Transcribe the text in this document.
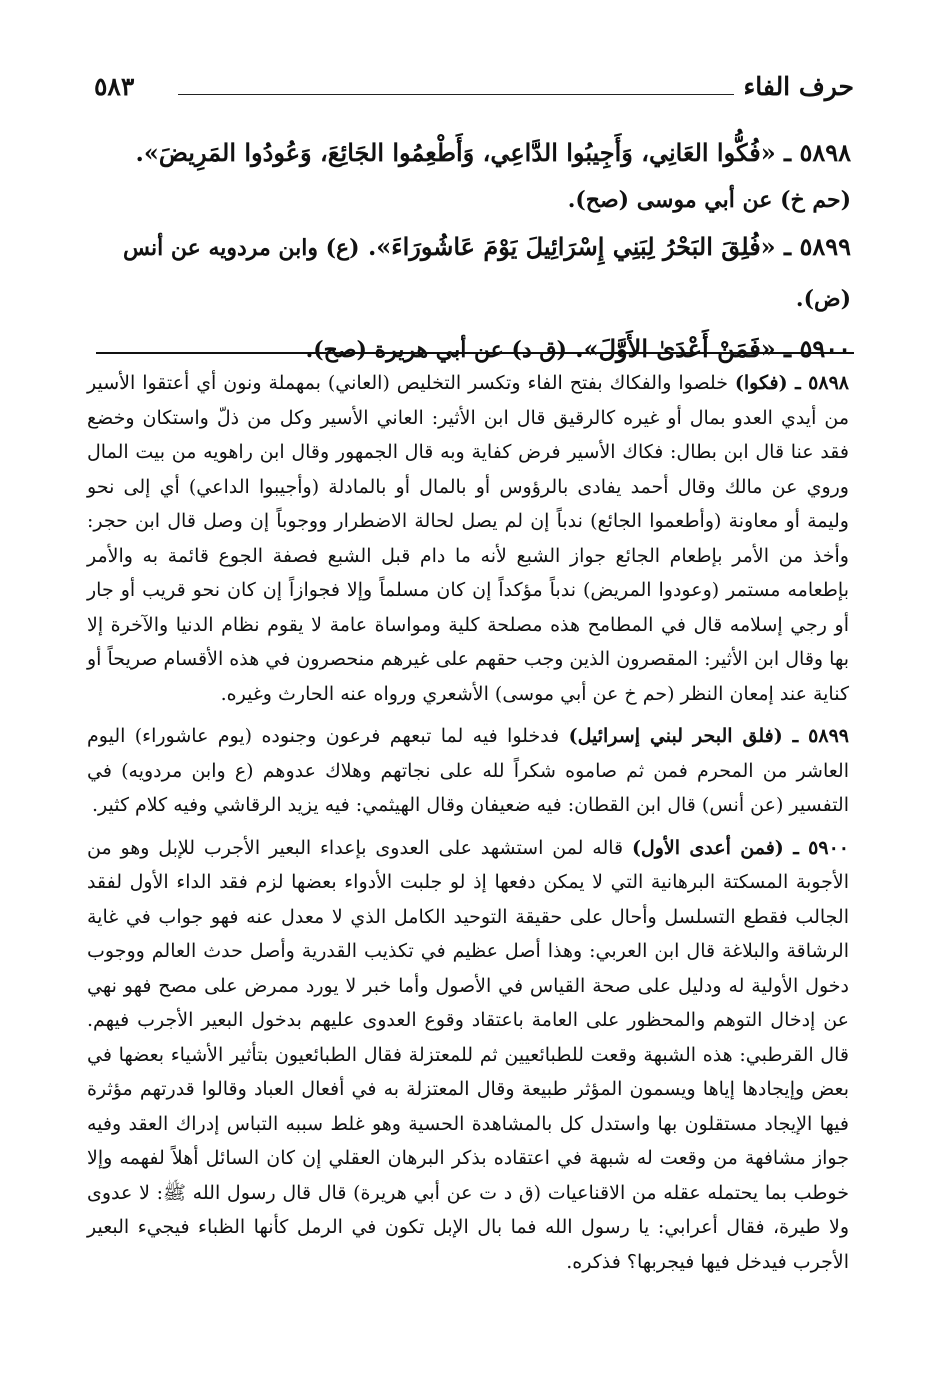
حرف الفاء
٥٨٣
٥٨٩٨ ـ «فُكُّوا العَانِي، وَأَجِيبُوا الدَّاعِي، وَأَطْعِمُوا الجَائِعَ، وَعُودُوا المَرِيضَ».
(حم خ) عن أبي موسى (صح).
٥٨٩٩ ـ «فُلِقَ البَحْرُ لِبَنِي إِسْرَائِيلَ يَوْمَ عَاشُورَاءَ». (ع) وابن مردويه عن أنس (ض).
٥٩٠٠ ـ «فَمَنْ أَعْدَىٰ الأَوَّلَ». (ق د) عن أبي هريرة (صح).

٥٨٩٨ ـ (فكوا) خلصوا والفكاك بفتح الفاء وتكسر التخليص (العاني) بمهملة ونون أي أعتقوا الأسير من أيدي العدو بمال أو غيره كالرقيق قال ابن الأثير: العاني الأسير وكل من ذلّ واستكان وخضع فقد عنا قال ابن بطال: فكاك الأسير فرض كفاية وبه قال الجمهور وقال ابن راهويه من بيت المال وروي عن مالك وقال أحمد يفادى بالرؤوس أو بالمال أو بالمادلة (وأجيبوا الداعي) أي إلى نحو وليمة أو معاونة (وأطعموا الجائع) ندباً إن لم يصل لحالة الاضطرار ووجوباً إن وصل قال ابن حجر: وأخذ من الأمر بإطعام الجائع جواز الشبع لأنه ما دام قبل الشبع فصفة الجوع قائمة به والأمر بإطعامه مستمر (وعودوا المريض) ندباً مؤكداً إن كان مسلماً وإلا فجوازاً إن كان نحو قريب أو جار أو رجي إسلامه قال في المطامح هذه مصلحة كلية ومواساة عامة لا يقوم نظام الدنيا والآخرة إلا بها وقال ابن الأثير: المقصرون الذين وجب حقهم على غيرهم منحصرون في هذه الأقسام صريحاً أو كناية عند إمعان النظر (حم خ عن أبي موسى) الأشعري ورواه عنه الحارث وغيره.

٥٨٩٩ ـ (فلق البحر لبني إسرائيل) فدخلوا فيه لما تبعهم فرعون وجنوده (يوم عاشوراء) اليوم العاشر من المحرم فمن ثم صاموه شكراً لله على نجاتهم وهلاك عدوهم (ع وابن مردويه) في التفسير (عن أنس) قال ابن القطان: فيه ضعيفان وقال الهيثمي: فيه يزيد الرقاشي وفيه كلام كثير.

٥٩٠٠ ـ (فمن أعدى الأول) قاله لمن استشهد على العدوى بإعداء البعير الأجرب للإبل وهو من الأجوبة المسكتة البرهانية التي لا يمكن دفعها إذ لو جلبت الأدواء بعضها لزم فقد الداء الأول لفقد الجالب فقطع التسلسل وأحال على حقيقة التوحيد الكامل الذي لا معدل عنه فهو جواب في غاية الرشاقة والبلاغة قال ابن العربي: وهذا أصل عظيم في تكذيب القدرية وأصل حدث العالم ووجوب دخول الأولية له ودليل على صحة القياس في الأصول وأما خبر لا يورد ممرض على مصح فهو نهي عن إدخال التوهم والمحظور على العامة باعتقاد وقوع العدوى عليهم بدخول البعير الأجرب فيهم. قال القرطبي: هذه الشبهة وقعت للطبائعيين ثم للمعتزلة فقال الطبائعيون بتأثير الأشياء بعضها في بعض وإيجادها إياها ويسمون المؤثر طبيعة وقال المعتزلة به في أفعال العباد وقالوا قدرتهم مؤثرة فيها الإيجاد مستقلون بها واستدل كل بالمشاهدة الحسية وهو غلط سببه التباس إدراك العقد وفيه جواز مشافهة من وقعت له شبهة في اعتقاده بذكر البرهان العقلي إن كان السائل أهلاً لفهمه وإلا خوطب بما يحتمله عقله من الاقناعيات (ق د ت عن أبي هريرة) قال قال رسول الله ﷺ: لا عدوى ولا طيرة، فقال أعرابي: يا رسول الله فما بال الإبل تكون في الرمل كأنها الظباء فيجيء البعير الأجرب فيدخل فيها فيجربها؟ فذكره.
